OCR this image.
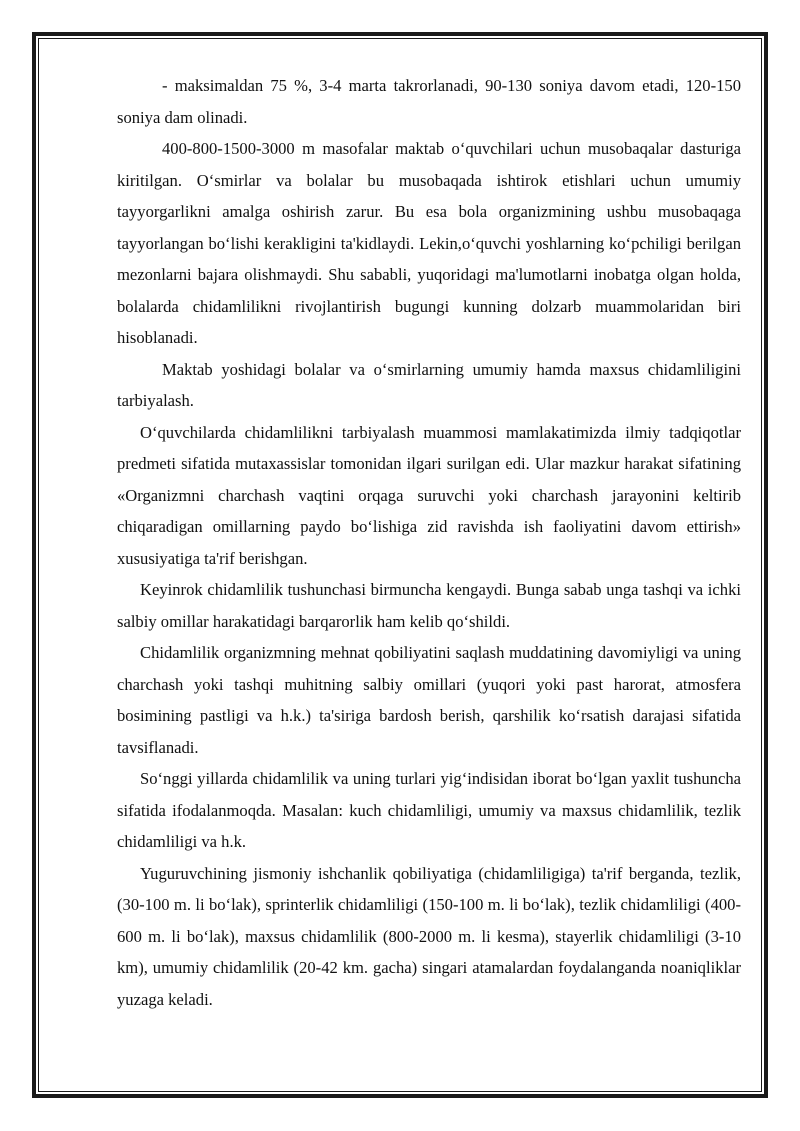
- maksimaldan 75 %, 3-4 marta takrorlanadi, 90-130 soniya davom etadi, 120-150 soniya dam olinadi.

400-800-1500-3000 m masofalar maktab o‘quvchilari uchun musobaqalar dasturiga kiritilgan. O‘smirlar va bolalar bu musobaqada ishtirok etishlari uchun umumiy tayyorgarlikni amalga oshirish zarur. Bu esa bola organizmining ushbu musobaqaga tayyorlangan bo‘lishi kerakligini ta'kidlaydi. Lekin,o‘quvchi yoshlarning ko‘pchiligi berilgan mezonlarni bajara olishmaydi. Shu sababli, yuqoridagi ma'lumotlarni inobatga olgan holda, bolalarda chidamlilikni rivojlantirish bugungi kunning dolzarb muammolaridan biri hisoblanadi.

Maktab yoshidagi bolalar va o‘smirlarning umumiy hamda maxsus chidamliligini tarbiyalash.

O‘quvchilarda chidamlilikni tarbiyalash muammosi mamlakatimizda ilmiy tadqiqotlar predmeti sifatida mutaxassislar tomonidan ilgari surilgan edi. Ular mazkur harakat sifatining «Organizmni charchash vaqtini orqaga suruvchi yoki charchash jarayonini keltirib chiqaradigan omillarning paydo bo‘lishiga zid ravishda ish faoliyatini davom ettirish» xususiyatiga ta'rif berishgan.

Keyinrok chidamlilik tushunchasi birmuncha kengaydi. Bunga sabab unga tashqi va ichki salbiy omillar harakatidagi barqarorlik ham kelib qo‘shildi.

Chidamlilik organizmning mehnat qobiliyatini saqlash muddatining davomiyligi va uning charchash yoki tashqi muhitning salbiy omillari (yuqori yoki past harorat, atmosfera bosimining pastligi va h.k.) ta'siriga bardosh berish, qarshilik ko‘rsatish darajasi sifatida tavsiflanadi.

So‘nggi yillarda chidamlilik va uning turlari yig‘indisidan iborat bo‘lgan yaxlit tushuncha sifatida ifodalanmoqda. Masalan: kuch chidamliligi, umumiy va maxsus chidamlilik, tezlik chidamliligi va h.k.

Yuguruvchining jismoniy ishchanlik qobiliyatiga (chidamliligiga) ta'rif berganda, tezlik, (30-100 m. li bo‘lak), sprinterlik chidamliligi (150-100 m. li bo‘lak), tezlik chidamliligi (400-600 m. li bo‘lak), maxsus chidamlilik (800-2000 m. li kesma), stayerlik chidamliligi (3-10 km), umumiy chidamlilik (20-42 km. gacha) singari atamalardan foydalanganda noaniqliklar yuzaga keladi.
